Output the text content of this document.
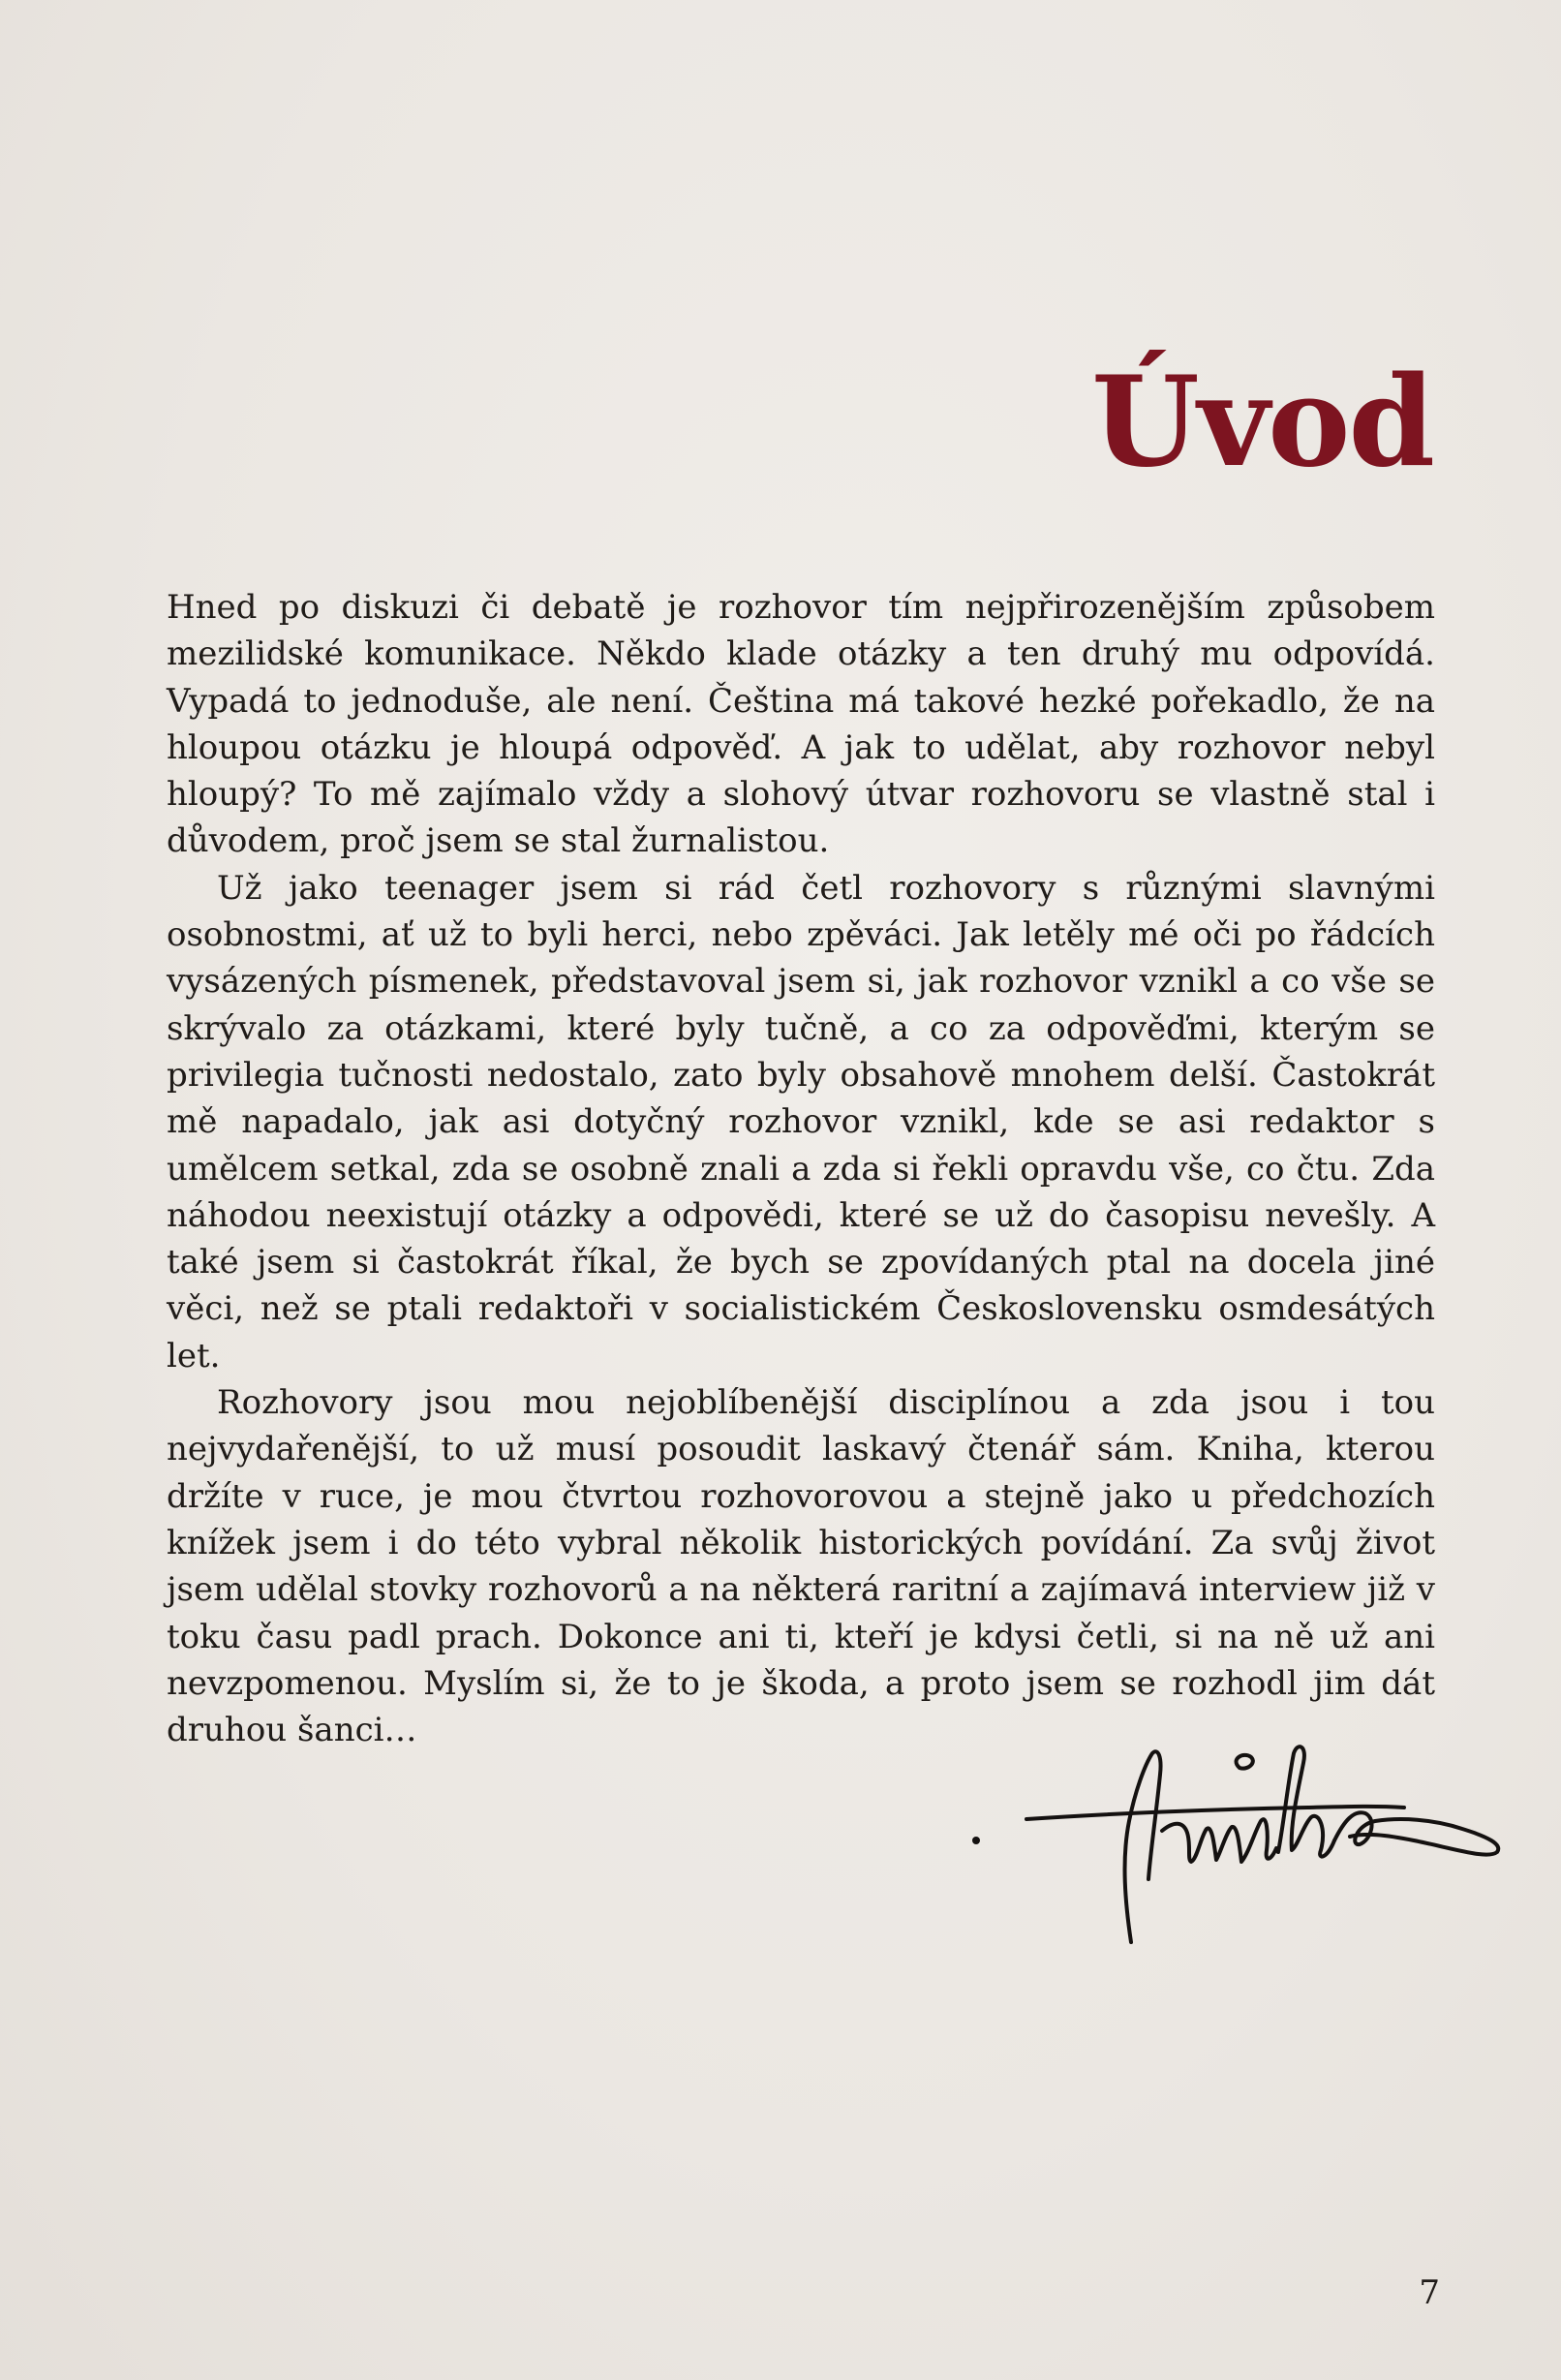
Úvod

Hned po diskuzi či debatě je rozhovor tím nejpřirozenějším způsobem mezilidské komunikace. Někdo klade otázky a ten druhý mu odpovídá. Vypadá to jednoduše, ale není. Čeština má takové hezké pořekadlo, že na hloupou otázku je hloupá odpověď. A jak to udělat, aby rozhovor nebyl hloupý? To mě zajímalo vždy a slohový útvar rozhovoru se vlastně stal i důvodem, proč jsem se stal žurnalistou.

Už jako teenager jsem si rád četl rozhovory s různými slavnými osobnostmi, ať už to byli herci, nebo zpěváci. Jak letěly mé oči po řádcích vysázených písmenek, představoval jsem si, jak rozhovor vznikl a co vše se skrývalo za otázkami, které byly tučně, a co za odpověďmi, kterým se privilegia tučnosti nedostalo, zato byly obsahově mnohem delší. Častokrát mě napadalo, jak asi dotyčný rozhovor vznikl, kde se asi redaktor s umělcem setkal, zda se osobně znali a zda si řekli opravdu vše, co čtu. Zda náhodou neexistují otázky a odpovědi, které se už do časopisu nevešly. A také jsem si častokrát říkal, že bych se zpovídaných ptal na docela jiné věci, než se ptali redaktoři v socialistickém Československu osmdesátých let.

Rozhovory jsou mou nejoblíbenější disciplínou a zda jsou i tou nejvydařenější, to už musí posoudit laskavý čtenář sám. Kniha, kterou držíte v ruce, je mou čtvrtou rozhovorovou a stejně jako u předchozích knížek jsem i do této vybral několik historických povídání. Za svůj život jsem udělal stovky rozhovorů a na některá raritní a zajímavá interview již v toku času padl prach. Dokonce ani ti, kteří je kdysi četli, si na ně už ani nevzpomenou. Myslím si, že to je škoda, a proto jsem se rozhodl jim dát druhou šanci…

7
